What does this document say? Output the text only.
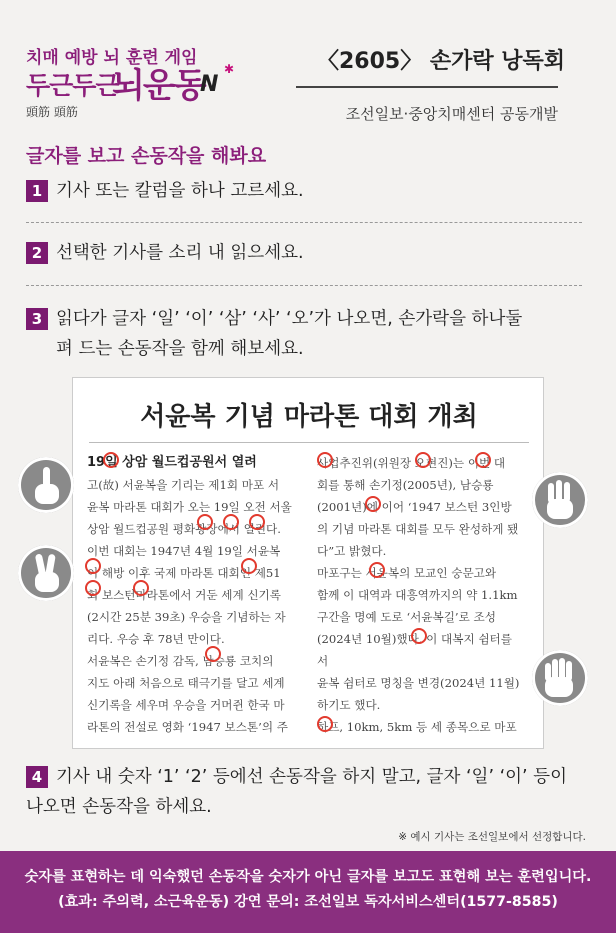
치매 예방 뇌 훈련 게임
두근두근
뇌운동
N
✱
頭筋 頭筋
〈2605〉 손가락 낭독회
조선일보·중앙치매센터 공동개발
글자를 보고 손동작을 해봐요
1 기사 또는 칼럼을 하나 고르세요.
2 선택한 기사를 소리 내 읽으세요.
3 읽다가 글자 ‘일’ ‘이’ ‘삼’ ‘사’ ‘오’가 나오면, 손가락을 하나둘
펴 드는 손동작을 함께 해보세요.
서윤복 기념 마라톤 대회 개최

19일 상암 월드컵공원서 열려

고(故) 서윤복을 기리는 제1회 마포 서

윤복 마라톤 대회가 오는 19일 오전 서울

상암 월드컵공원 평화광장에서 열린다.

이번 대회는 1947년 4월 19일 서윤복

이 해방 이후 국제 마라톤 대회인 제51

회 보스턴마라톤에서 거둔 세계 신기록

(2시간 25분 39초) 우승을 기념하는 자

리다. 우승 후 78년 만이다.

서윤복은 손기정 감독, 남승룡 코치의

지도 아래 처음으로 태극기를 달고 세계

신기록을 세우며 우승을 거머쥔 한국 마

라톤의 전설로 영화 ‘1947 보스톤’의 주

사업추진위(위원장 오현진)는 이번 대

회를 통해 손기정(2005년), 남승룡

(2001년)에 이어 ‘1947 보스턴 3인방

의 기념 마라톤 대회를 모두 완성하게 됐

다”고 밝혔다.

마포구는 서윤복의 모교인 숭문고와

함께 이 대역과 대흥역까지의 약 1.1km

구간을 명예 도로 ‘서윤복길’로 조성

(2024년 10월)했다. 이 대복지 쉼터를 서

윤복 쉼터로 명칭을 변경(2024년 11월)

하기도 했다.

하프, 10km, 5km 등 세 종목으로 마포

4 기사 내 숫자 ‘1’ ‘2’ 등에선 손동작을 하지 말고, 글자 ‘일’ ‘이’ 등이
나오면 손동작을 하세요.
※ 예시 기사는 조선일보에서 선정합니다.
숫자를 표현하는 데 익숙했던 손동작을 숫자가 아닌 글자를 보고도 표현해 보는 훈련입니다.
(효과: 주의력, 소근육운동) 강연 문의: 조선일보 독자서비스센터(1577-8585)
